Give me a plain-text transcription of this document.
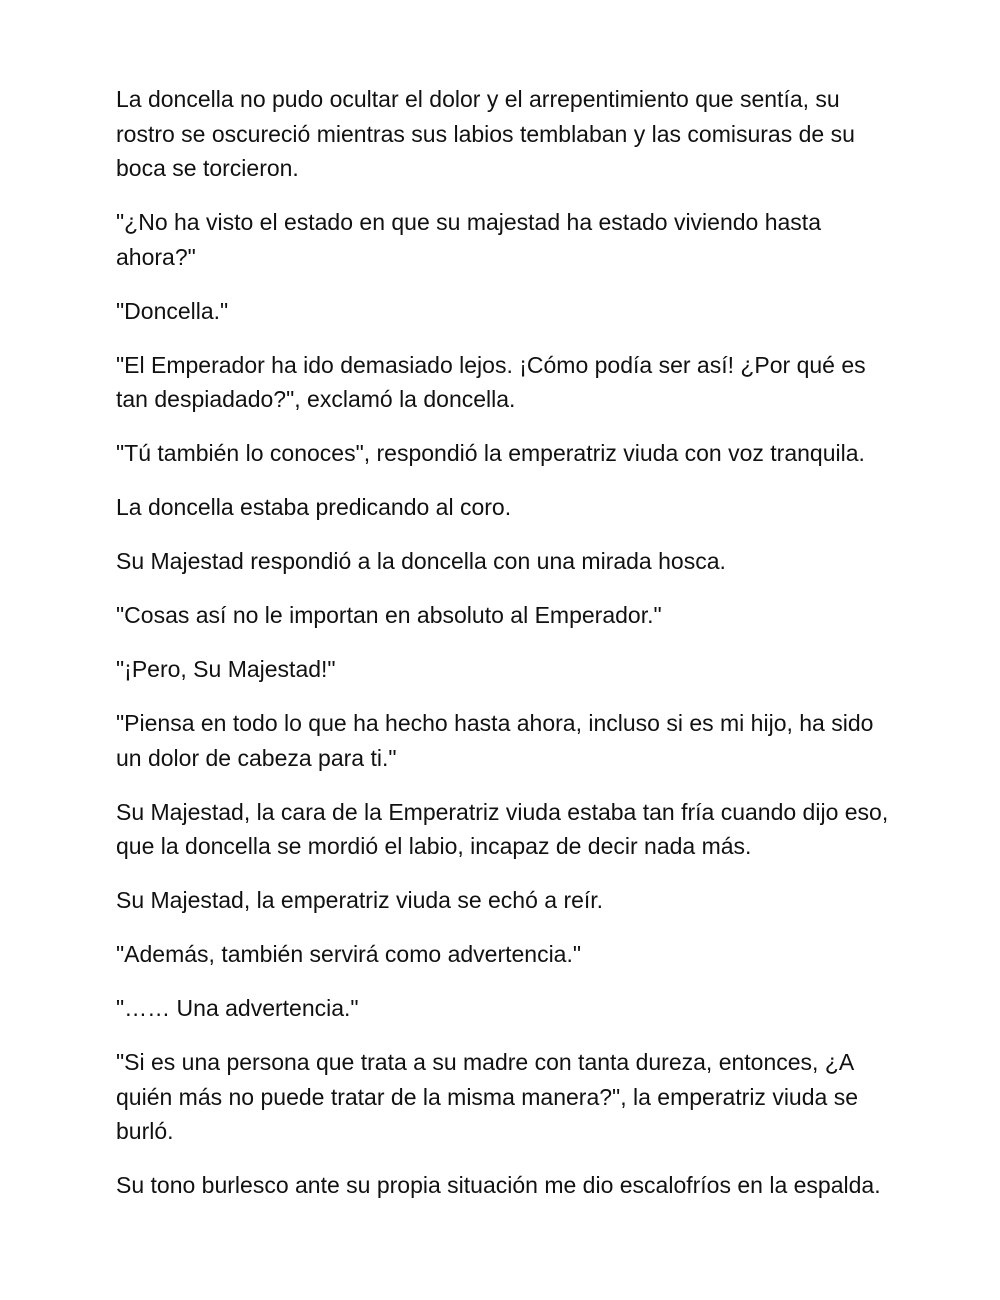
La doncella no pudo ocultar el dolor y el arrepentimiento que sentía, su rostro se oscureció mientras sus labios temblaban y las comisuras de su boca se torcieron.

"¿No ha visto el estado en que su majestad ha estado viviendo hasta ahora?"

"Doncella."

"El Emperador ha ido demasiado lejos. ¡Cómo podía ser así! ¿Por qué es tan despiadado?", exclamó la doncella.

"Tú también lo conoces", respondió la emperatriz viuda con voz tranquila.

La doncella estaba predicando al coro.

Su Majestad respondió a la doncella con una mirada hosca.

"Cosas así no le importan en absoluto al Emperador."

"¡Pero, Su Majestad!"

"Piensa en todo lo que ha hecho hasta ahora, incluso si es mi hijo, ha sido un dolor de cabeza para ti."

Su Majestad, la cara de la Emperatriz viuda estaba tan fría cuando dijo eso, que la doncella se mordió el labio, incapaz de decir nada más.

Su Majestad, la emperatriz viuda se echó a reír.

"Además, también servirá como advertencia."

"…… Una advertencia."

"Si es una persona que trata a su madre con tanta dureza, entonces, ¿A quién más no puede tratar de la misma manera?", la emperatriz viuda se burló.

Su tono burlesco ante su propia situación me dio escalofríos en la espalda.
